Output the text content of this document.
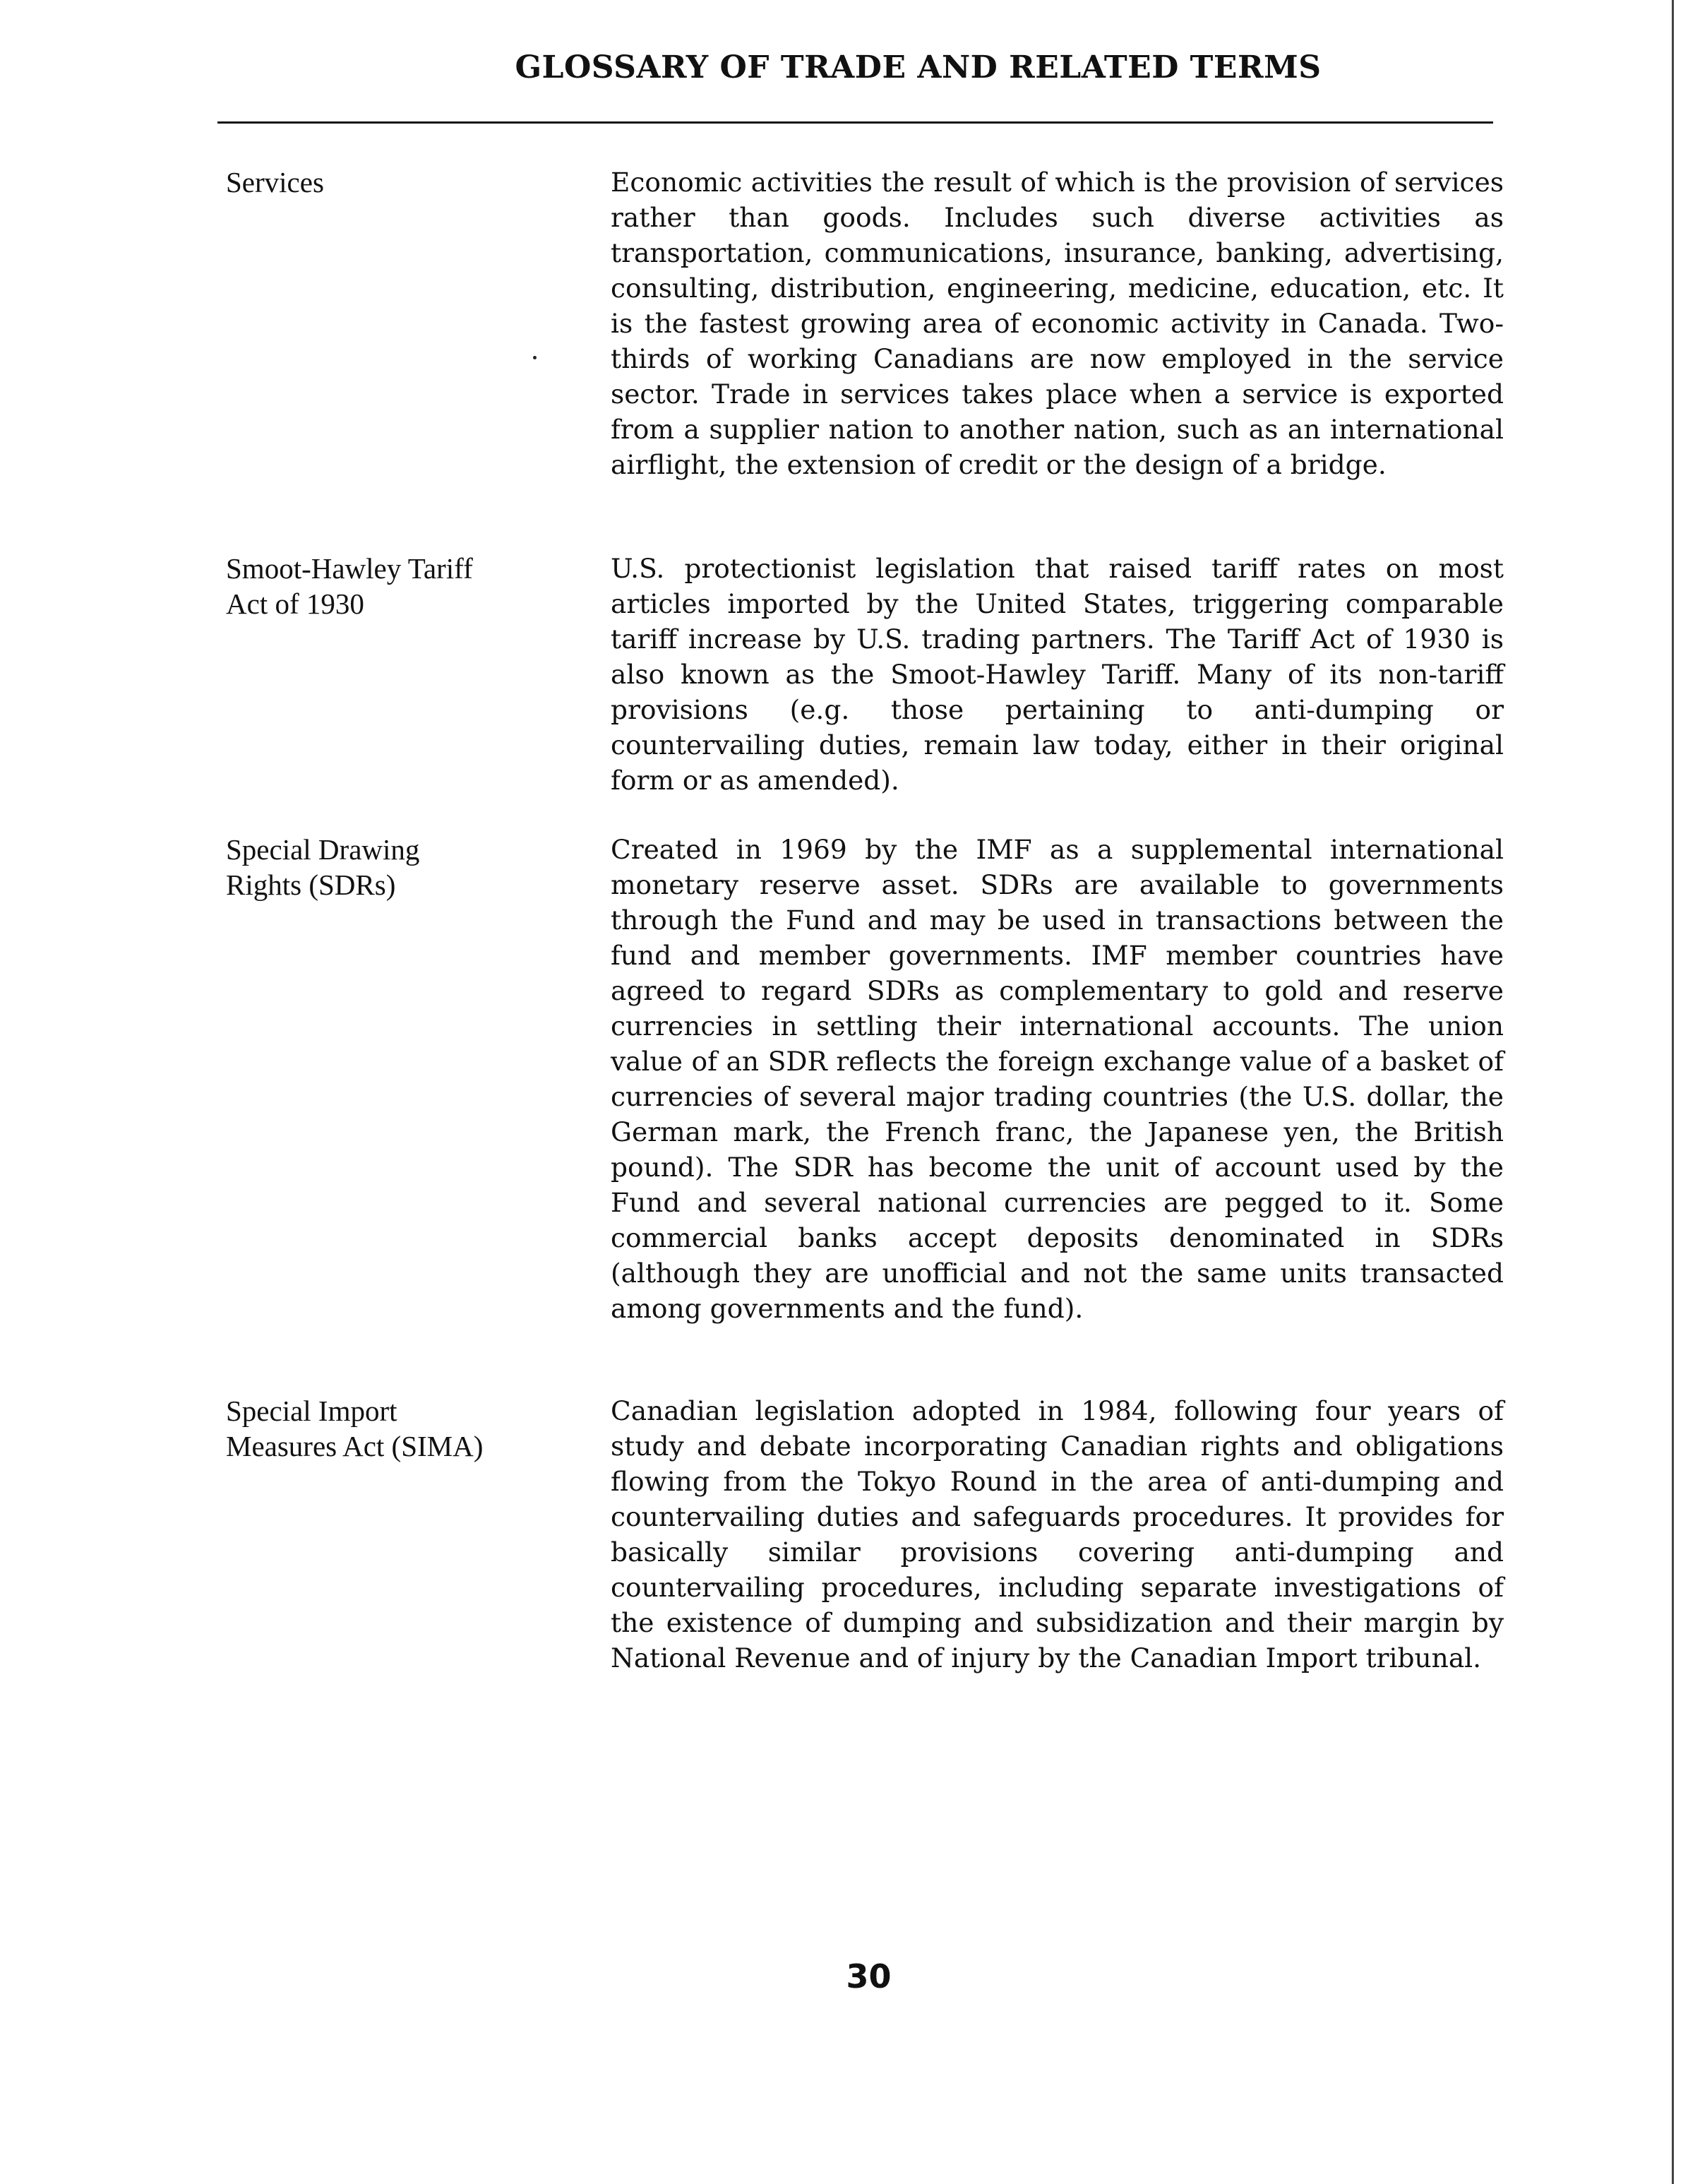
GLOSSARY OF TRADE AND RELATED TERMS
Services	Economic activities the result of which is the provision of services rather than goods. Includes such diverse activities as transportation, communications, insurance, banking, advertising, consulting, distribution, engineering, medicine, education, etc. It is the fastest growing area of economic activity in Canada. Two-thirds of working Canadians are now employed in the service sector. Trade in services takes place when a service is exported from a supplier nation to another nation, such as an international airflight, the extension of credit or the design of a bridge.
Smoot-Hawley Tariff
Act of 1930
U.S. protectionist legislation that raised tariff rates on most articles imported by the United States, triggering comparable tariff increase by U.S. trading partners. The Tariff Act of 1930 is also known as the Smoot-Hawley Tariff. Many of its non-tariff provisions (e.g. those pertaining to anti-dumping or countervailing duties, remain law today, either in their original form or as amended).
Special Drawing
Rights (SDRs)
Created in 1969 by the IMF as a supplemental international monetary reserve asset. SDRs are available to governments through the Fund and may be used in transactions between the fund and member governments. IMF member countries have agreed to regard SDRs as complementary to gold and reserve currencies in settling their international accounts. The union value of an SDR reflects the foreign exchange value of a basket of currencies of several major trading countries (the U.S. dollar, the German mark, the French franc, the Japanese yen, the British pound). The SDR has become the unit of account used by the Fund and several national currencies are pegged to it. Some commercial banks accept deposits denominated in SDRs (although they are unofficial and not the same units transacted among governments and the fund).
Special Import
Measures Act (SIMA)
Canadian legislation adopted in 1984, following four years of study and debate incorporating Canadian rights and obligations flowing from the Tokyo Round in the area of anti-dumping and countervailing duties and safeguards procedures. It provides for basically similar provisions covering anti-dumping and countervailing procedures, including separate investigations of the existence of dumping and subsidization and their margin by National Revenue and of injury by the Canadian Import tribunal.
30
